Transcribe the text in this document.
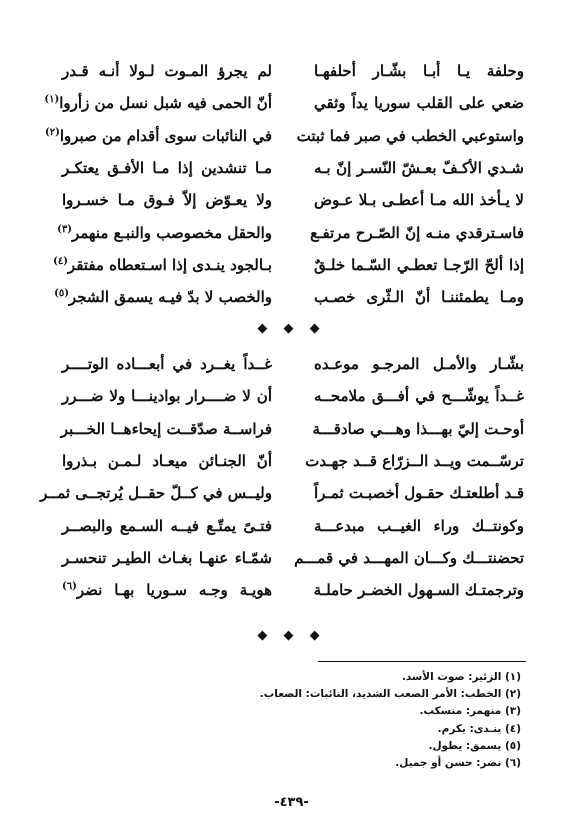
وحلفة يـا أبـا بشّـار أحلفهـا
لم يجرؤ المـوت لـولا أنـه قـدر
ضعي على القلب سوريا يداً وثقي
أنّ الحمى فيه شبل نسل من زأروا$^{(١)}$
واستوعبي الخطب في صبر فما ثبتت
في النائبات سوى أقدام من صبروا$^{(٢)}$
شـدي الأكـفّ بعـشّ النّسـر إنّ بـه
مـا تنشدين إذا مـا الأفـق يعتكـر
لا يـأخذ الله مـا أعطـى بـلا عـوض
ولا يعـوّض إلاّ فـوق مـا خسـروا
فاسـترقدي منـه إنّ الصّـرح مرتفـع
والحقل مخصوصب والنبـع منهمر$^{(٣)}$
إذا ألحّ الرّجـا تعطـي السّـما خلـقٌ
بـالجود ينـدى إذا اسـتعطاه مفتقر$^{(٤)}$
ومـا يطمئننـا أنّ الـثّرى خصـب
والخصب لا بدّ فيـه يسمق الشجر$^{(٥)}$
◆ ◆ ◆
بشّـار والأمـل المرجـو موعـده
غــداً يغــرد في أبعـــاده الوتــــر
غــداً يوشّـــح في أفـــق ملامحــه
أن لا ضــــرار بوادينـــا ولا ضـــرر
أوحـت إليّ بهـــذا وهـــي صادقـــة
فراســة صدّقــت إيحاءهــا الخـــبر
ترسّــمت ويــد الــزرّاع قــد جهـدت
أنّ الجنـائن ميعـاد لـمـن بـذروا
قـد أطلعتـك حقـول أخصبـت ثمـراً
وليــس في كــلّ حقــل يُرتجــى ثمــر
وكونتــك وراء الغيــب مبدعـــة
فتـىً يمتّـع فيــه السـمع والبصــر
تحضنتـــك وكـــان المهـــد في قمـــم
شمّـاء عنهـا بغـاث الطيـر تنحسـر
وترجمتـك السـهول الخضـر حاملـة
هويـة وجـه سـوريا بهـا نضر$^{(٦)}$
◆ ◆ ◆
(١) الزئير: صوت الأسد.
(٢) الخطب: الأمر الصعب الشديد، النائبات: الصعاب.
(٣) منهمر: منسكب.
(٤) ينـدى: يكرم.
(٥) يسمق: يطول.
(٦) نضر: حسن أو جميل.
-٤٣٩-
